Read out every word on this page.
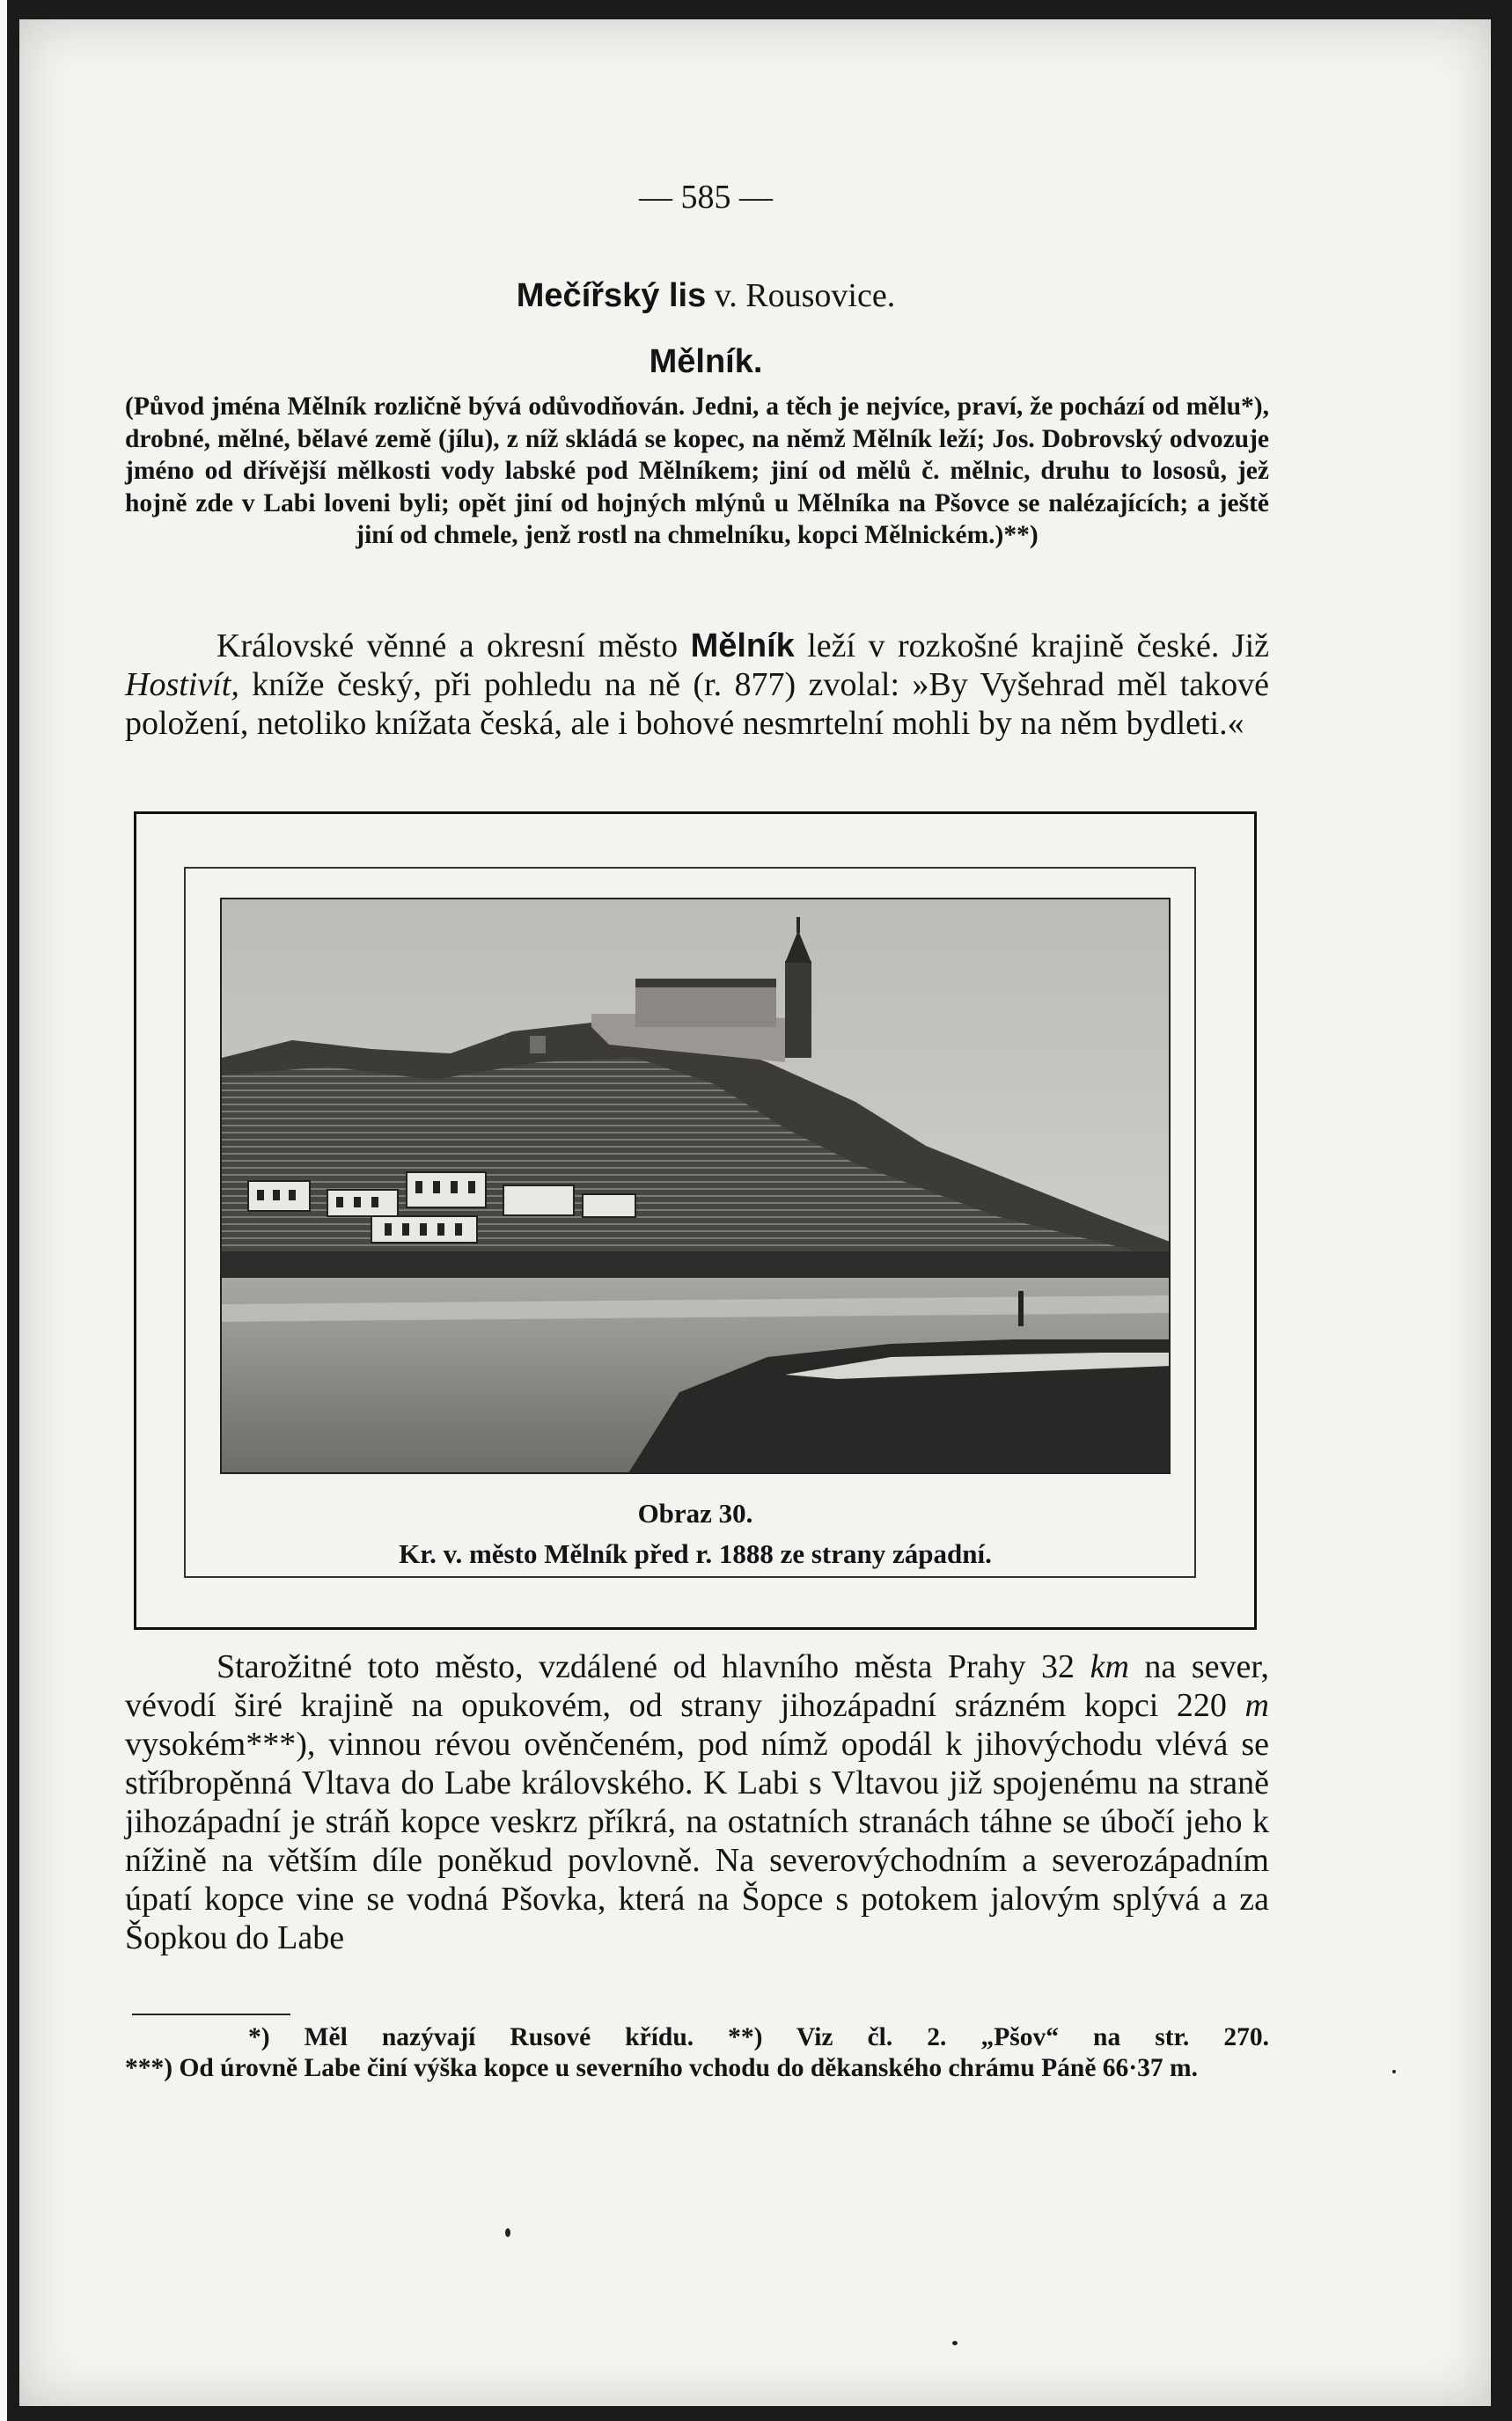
— 585 —
Mečířský lis v. Rousovice.
Mělník.
(Původ jména Mělník rozličně bývá odůvodňován. Jedni, a těch je nejvíce, praví, že pochází od mělu*), drobné, mělné, bělavé země (jílu), z níž skládá se kopec, na němž Mělník leží; Jos. Dobrovský odvozuje jméno od dřívější mělkosti vody labské pod Mělníkem; jiní od mělů č. mělnic, druhu to lososů, jež hojně zde v Labi loveni byli; opět jiní od hojných mlýnů u Mělníka na Pšovce se nalézajících; a ještě jiní od chmele, jenž rostl na chmelníku, kopci Mělnickém.)**)

Královské věnné a okresní město Mělník leží v rozkošné krajině české. Již Hostivít, kníže český, při pohledu na ně (r. 877) zvolal: »By Vyšehrad měl takové položení, netoliko knížata česká, ale i bohové nesmrtelní mohli by na něm bydleti.«

Obraz 30.
Kr. v. město Mělník před r. 1888 ze strany západní.

Starožitné toto město, vzdálené od hlavního města Prahy 32 km na sever, vévodí širé krajině na opukovém, od strany jihozápadní srázném kopci 220 m vysokém***), vinnou révou ověnčeném, pod nímž opodál k jihovýchodu vlévá se stříbropěnná Vltava do Labe královského. K Labi s Vltavou již spojenému na straně jihozápadní je stráň kopce veskrz příkrá, na ostatních stranách táhne se úbočí jeho k nížině na větším díle poněkud povlovně. Na severovýchodním a severozápadním úpatí kopce vine se vodná Pšovka, která na Šopce s potokem jalovým splývá a za Šopkou do Labe

*) Měl nazývají Rusové křídu. **) Viz čl. 2. „Pšov“ na str. 270.

***) Od úrovně Labe činí výška kopce u severního vchodu do děkanského chrámu Páně 66·37 m.
